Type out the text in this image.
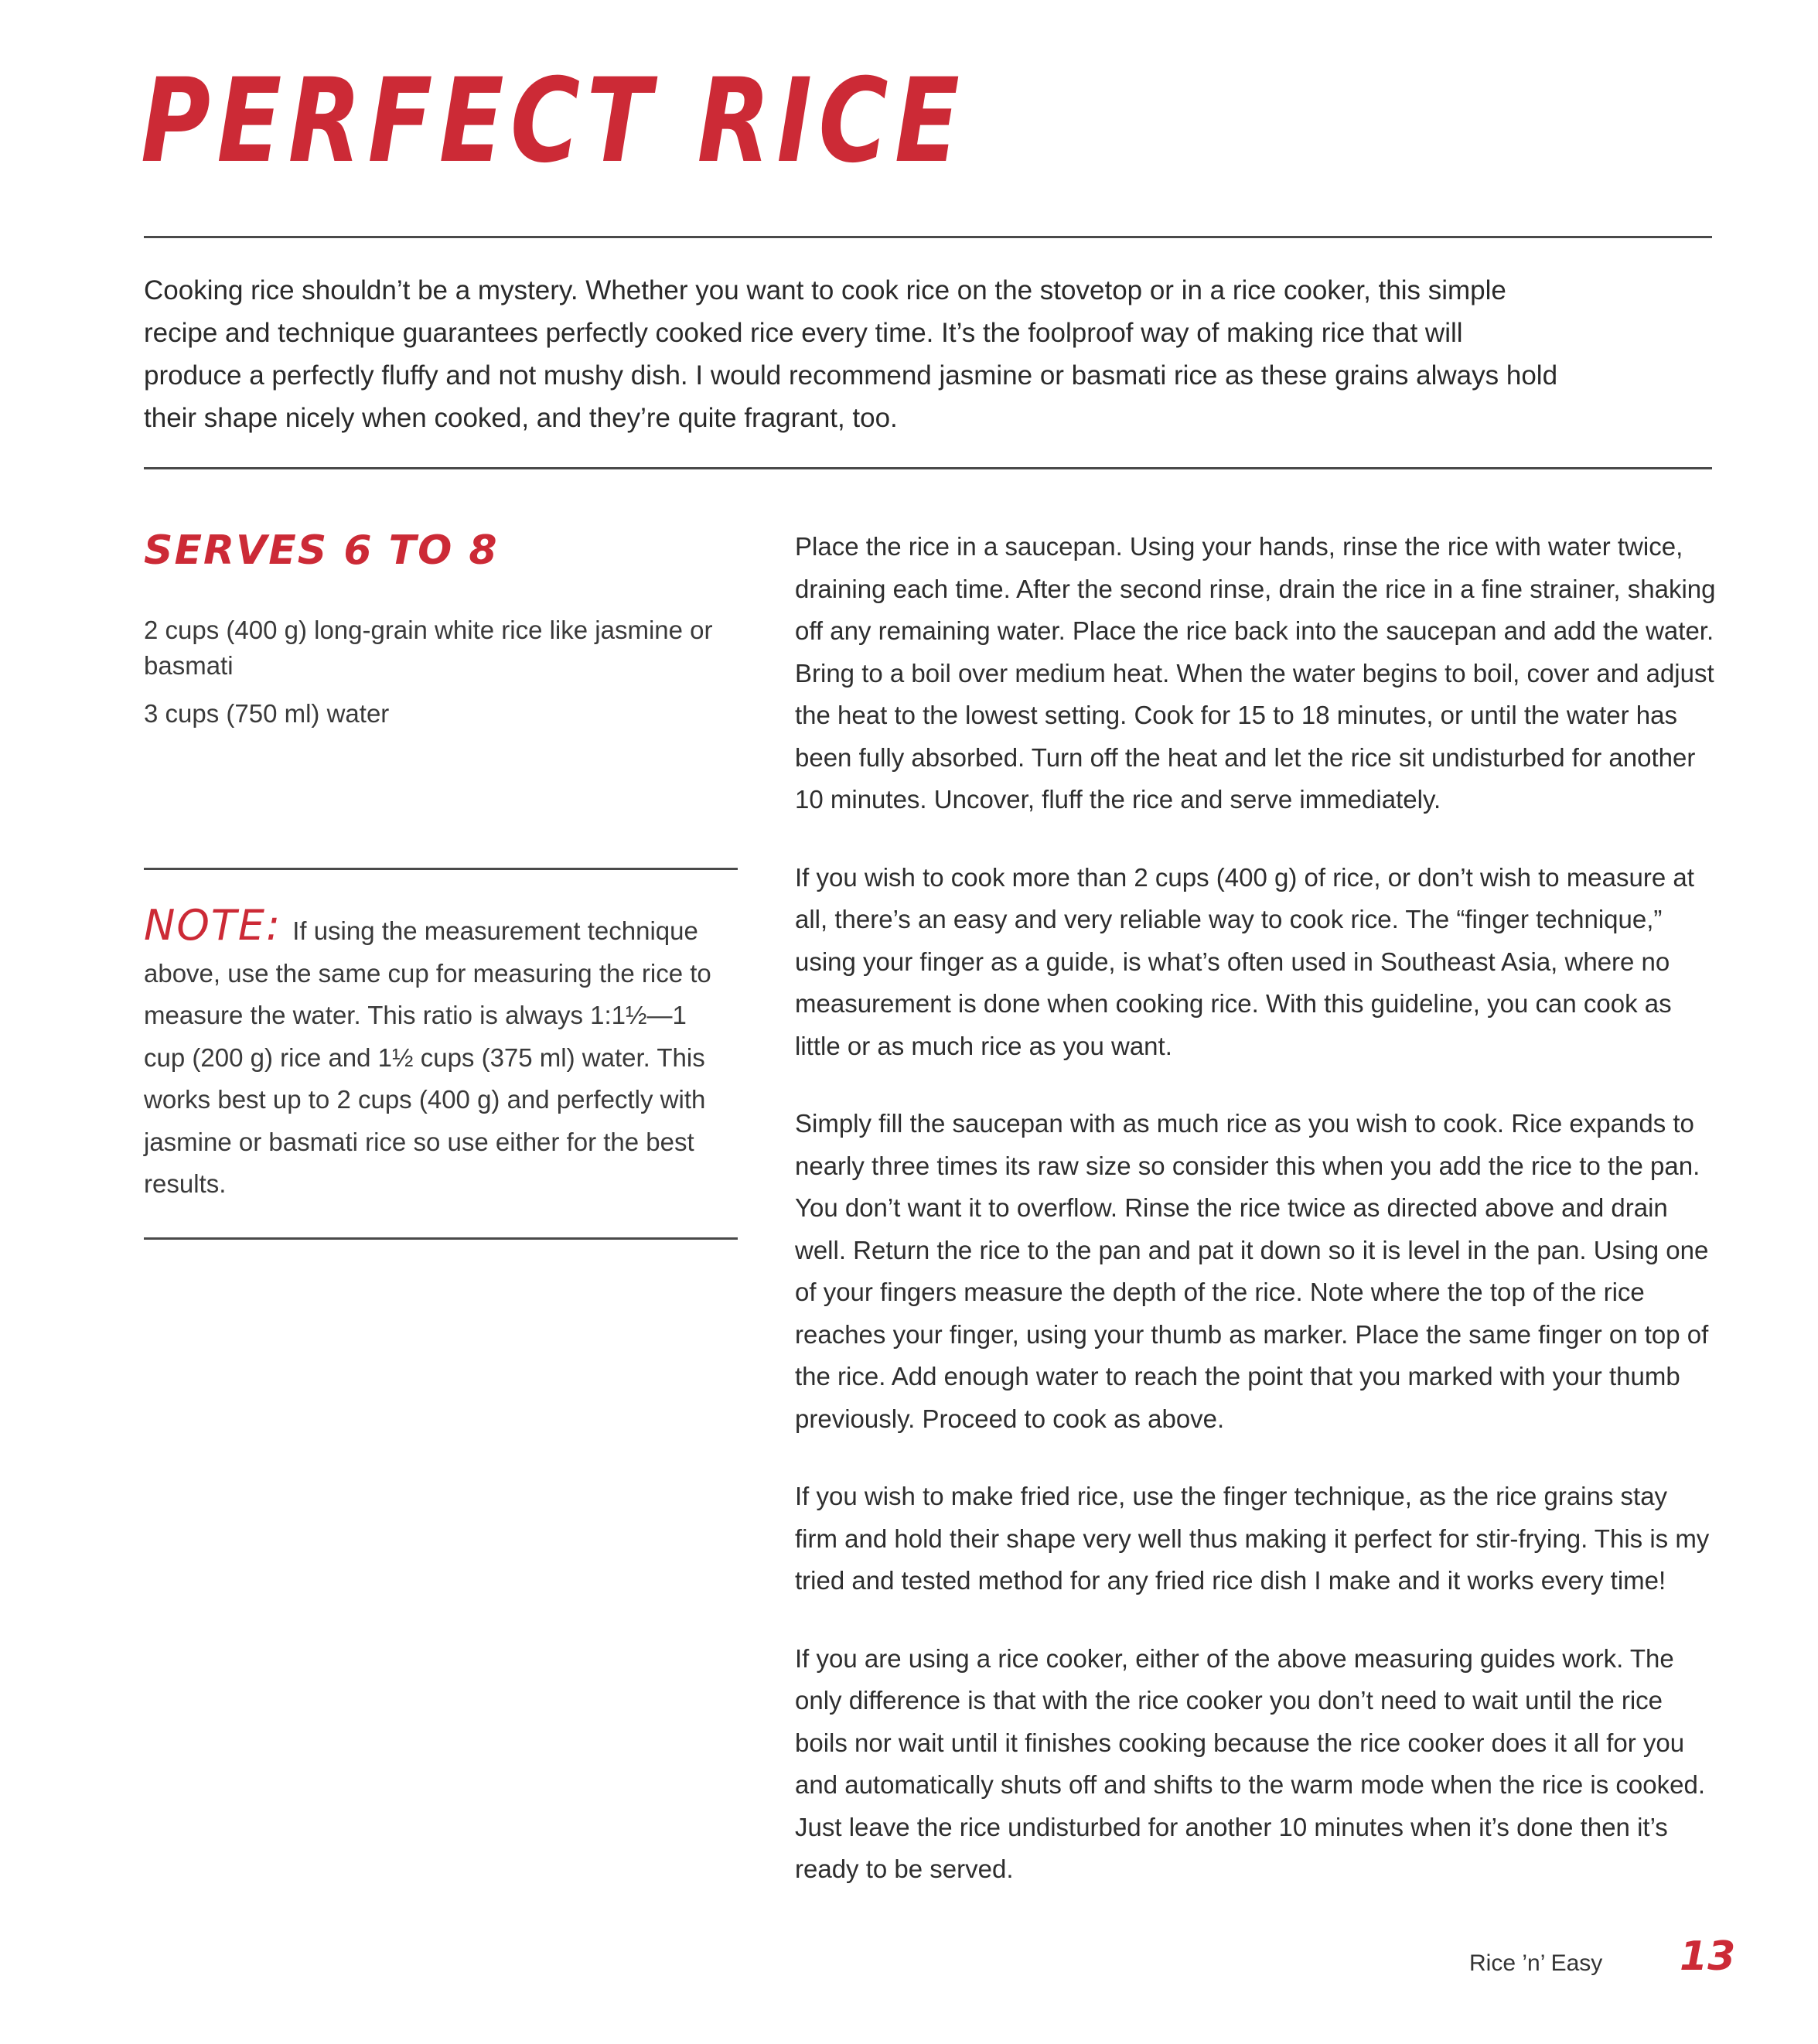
PERFECT RICE

Cooking rice shouldn’t be a mystery. Whether you want to cook rice on the stovetop or in a rice cooker, this simple recipe and technique guarantees perfectly cooked rice every time. It’s the foolproof way of making rice that will produce a perfectly fluffy and not mushy dish. I would recommend jasmine or basmati rice as these grains always hold their shape nicely when cooked, and they’re quite fragrant, too.

SERVES 6 TO 8
2 cups (400 g) long-grain white rice like jasmine or basmati
3 cups (750 ml) water

NOTE: If using the measurement technique above, use the same cup for measuring the rice to measure the water. This ratio is always 1:1½—1 cup (200 g) rice and 1½ cups (375 ml) water. This works best up to 2 cups (400 g) and perfectly with jasmine or basmati rice so use either for the best results.

Place the rice in a saucepan. Using your hands, rinse the rice with water twice, draining each time. After the second rinse, drain the rice in a fine strainer, shaking off any remaining water. Place the rice back into the saucepan and add the water. Bring to a boil over medium heat. When the water begins to boil, cover and adjust the heat to the lowest setting. Cook for 15 to 18 minutes, or until the water has been fully absorbed. Turn off the heat and let the rice sit undisturbed for another 10 minutes. Uncover, fluff the rice and serve immediately.

If you wish to cook more than 2 cups (400 g) of rice, or don’t wish to measure at all, there’s an easy and very reliable way to cook rice. The “finger technique,” using your finger as a guide, is what’s often used in Southeast Asia, where no measurement is done when cooking rice. With this guideline, you can cook as little or as much rice as you want.

Simply fill the saucepan with as much rice as you wish to cook. Rice expands to nearly three times its raw size so consider this when you add the rice to the pan. You don’t want it to overflow. Rinse the rice twice as directed above and drain well. Return the rice to the pan and pat it down so it is level in the pan. Using one of your fingers measure the depth of the rice. Note where the top of the rice reaches your finger, using your thumb as marker. Place the same finger on top of the rice. Add enough water to reach the point that you marked with your thumb previously. Proceed to cook as above.

If you wish to make fried rice, use the finger technique, as the rice grains stay firm and hold their shape very well thus making it perfect for stir-frying. This is my tried and tested method for any fried rice dish I make and it works every time!

If you are using a rice cooker, either of the above measuring guides work. The only difference is that with the rice cooker you don’t need to wait until the rice boils nor wait until it finishes cooking because the rice cooker does it all for you and automatically shuts off and shifts to the warm mode when the rice is cooked. Just leave the rice undisturbed for another 10 minutes when it’s done then it’s ready to be served.

Rice ’n’ Easy 13
